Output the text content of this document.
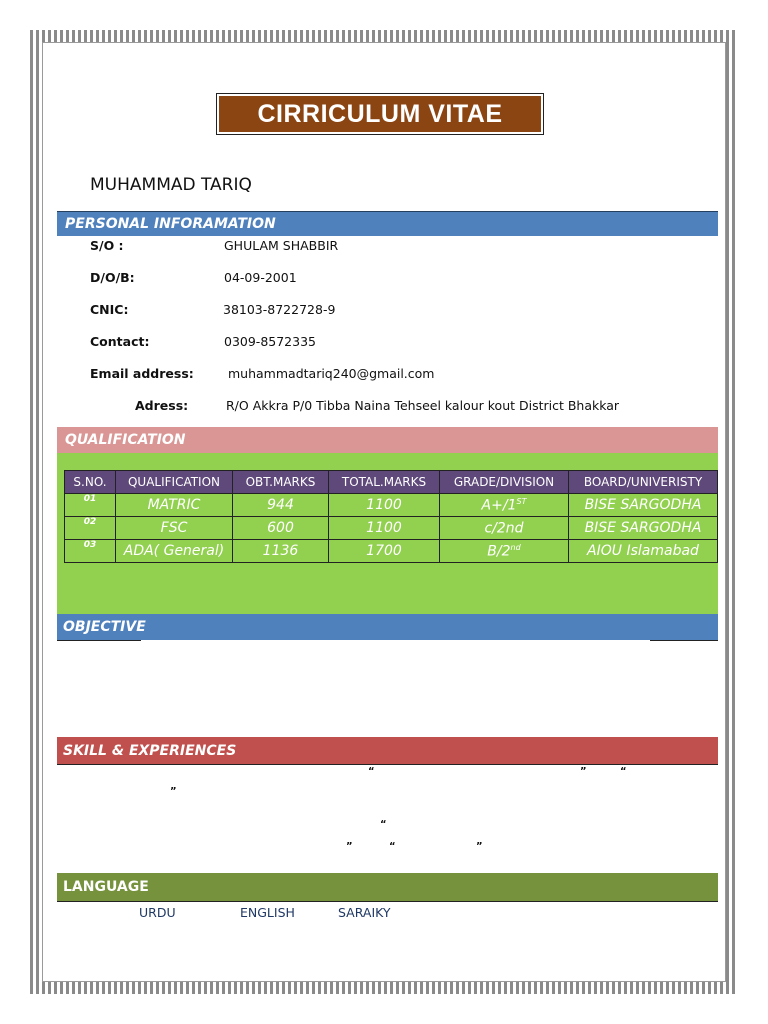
CIRRICULUM VITAE
MUHAMMAD TARIQ
PERSONAL INFORAMATION
S/O :	GHULAM SHABBIR
D/O/B:	04-09-2001
CNIC:	38103-8722728-9
Contact:	0309-8572335
Email address:	muhammadtariq240@gmail.com
Adress:	R/O Akkra P/0 Tibba Naina Tehseel kalour kout District Bhakkar
QUALIFICATION
S.NO.	QUALIFICATION	OBT.MARKS	TOTAL.MARKS	GRADE/DIVISION	BOARD/UNIVERISTY
01	MATRIC	944	1100	A+/1ST	BISE SARGODHA
02	FSC	600	1100	c/2nd	BISE SARGODHA
03	ADA( General)	1136	1700	B/2nd	AIOU Islamabad
OBJECTIVE
SKILL & EXPERIENCES
“	”	“
”
“
”	“	”
LANGUAGE
URDU	ENGLISH	SARAIKY
